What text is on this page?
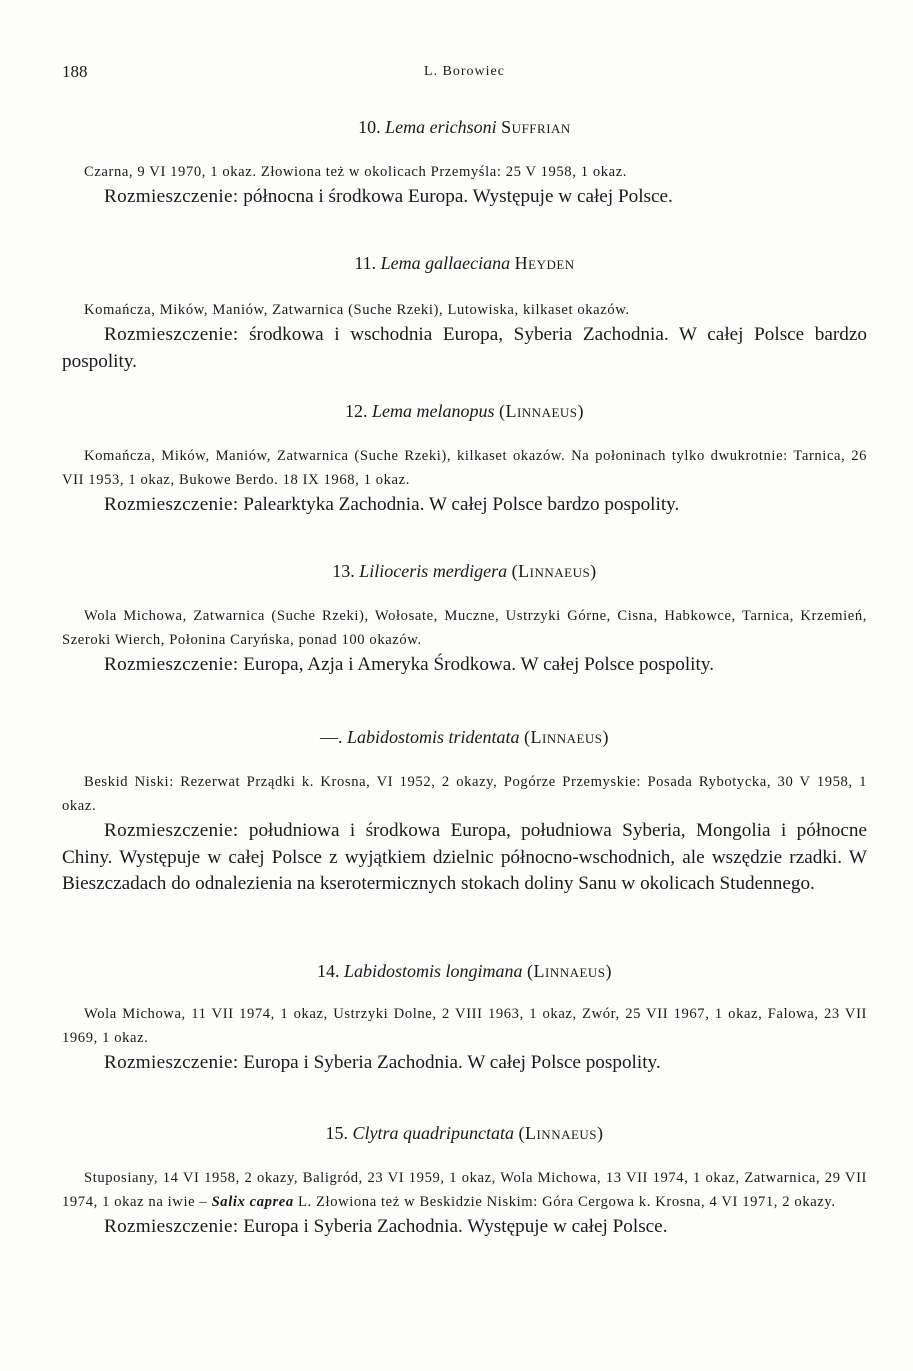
188	L. Borowiec

10. Lema erichsoni Suffrian

Czarna, 9 VI 1970, 1 okaz. Złowiona też w okolicach Przemyśla: 25 V 1958, 1 okaz.

Rozmieszczenie: północna i środkowa Europa. Występuje w całej Polsce.

11. Lema gallaeciana Heyden

Komańcza, Mików, Maniów, Zatwarnica (Suche Rzeki), Lutowiska, kilkaset okazów.

Rozmieszczenie: środkowa i wschodnia Europa, Syberia Zachodnia. W całej Polsce bardzo pospolity.

12. Lema melanopus (Linnaeus)

Komańcza, Mików, Maniów, Zatwarnica (Suche Rzeki), kilkaset okazów. Na połoninach tylko dwukrotnie: Tarnica, 26 VII 1953, 1 okaz, Bukowe Berdo. 18 IX 1968, 1 okaz.

Rozmieszczenie: Palearktyka Zachodnia. W całej Polsce bardzo pospolity.

13. Lilioceris merdigera (Linnaeus)

Wola Michowa, Zatwarnica (Suche Rzeki), Wołosate, Muczne, Ustrzyki Górne, Cisna, Habkowce, Tarnica, Krzemień, Szeroki Wierch, Połonina Caryńska, ponad 100 okazów.

Rozmieszczenie: Europa, Azja i Ameryka Środkowa. W całej Polsce pospolity.

—. Labidostomis tridentata (Linnaeus)

Beskid Niski: Rezerwat Prządki k. Krosna, VI 1952, 2 okazy, Pogórze Przemyskie: Posada Rybotycka, 30 V 1958, 1 okaz.

Rozmieszczenie: południowa i środkowa Europa, południowa Syberia, Mongolia i północne Chiny. Występuje w całej Polsce z wyjątkiem dzielnic północno-wschodnich, ale wszędzie rzadki. W Bieszczadach do odnalezienia na kserotermicznych stokach doliny Sanu w okolicach Studennego.

14. Labidostomis longimana (Linnaeus)

Wola Michowa, 11 VII 1974, 1 okaz, Ustrzyki Dolne, 2 VIII 1963, 1 okaz, Zwór, 25 VII 1967, 1 okaz, Falowa, 23 VII 1969, 1 okaz.

Rozmieszczenie: Europa i Syberia Zachodnia. W całej Polsce pospolity.

15. Clytra quadripunctata (Linnaeus)

Stuposiany, 14 VI 1958, 2 okazy, Baligród, 23 VI 1959, 1 okaz, Wola Michowa, 13 VII 1974, 1 okaz, Zatwarnica, 29 VII 1974, 1 okaz na iwie – Salix caprea L. Złowiona też w Beskidzie Niskim: Góra Cergowa k. Krosna, 4 VI 1971, 2 okazy.

Rozmieszczenie: Europa i Syberia Zachodnia. Występuje w całej Polsce.
